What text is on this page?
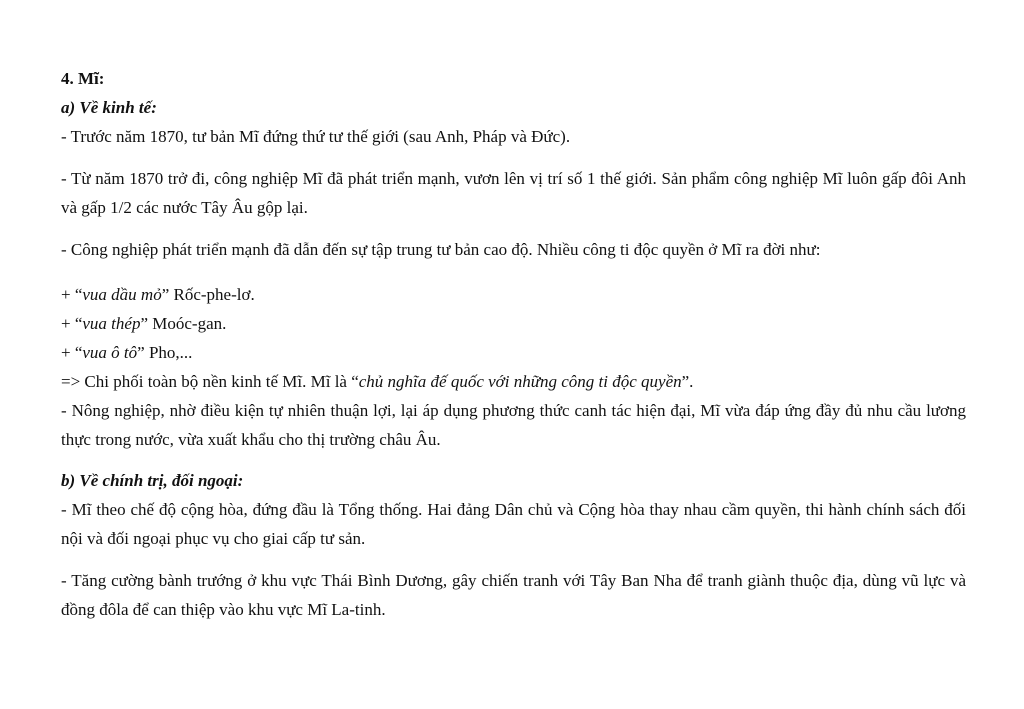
4. Mĩ:

a) Về kinh tế:

- Trước năm 1870, tư bản Mĩ đứng thứ tư thế giới (sau Anh, Pháp và Đức).

- Từ năm 1870 trở đi, công nghiệp Mĩ đã phát triển mạnh, vươn lên vị trí số 1 thế giới. Sản phẩm công nghiệp Mĩ luôn gấp đôi Anh và gấp 1/2 các nước Tây Âu gộp lại.

- Công nghiệp phát triển mạnh đã dẫn đến sự tập trung tư bản cao độ. Nhiều công ti độc quyền ở Mĩ ra đời như:

+ “vua dầu mỏ” Rốc-phe-lơ.

+ “vua thép” Moóc-gan.

+ “vua ô tô” Pho,...

=> Chi phối toàn bộ nền kinh tế Mĩ. Mĩ là “chủ nghĩa đế quốc với những công ti độc quyền”.

- Nông nghiệp, nhờ điều kiện tự nhiên thuận lợi, lại áp dụng phương thức canh tác hiện đại, Mĩ vừa đáp ứng đầy đủ nhu cầu lương thực trong nước, vừa xuất khẩu cho thị trường châu Âu.

b) Về chính trị, đối ngoại:

- Mĩ theo chế độ cộng hòa, đứng đầu là Tổng thống. Hai đảng Dân chủ và Cộng hòa thay nhau cầm quyền, thi hành chính sách đối nội và đối ngoại phục vụ cho giai cấp tư sản.

- Tăng cường bành trướng ở khu vực Thái Bình Dương, gây chiến tranh với Tây Ban Nha để tranh giành thuộc địa, dùng vũ lực và đồng đôla để can thiệp vào khu vực Mĩ La-tinh.
